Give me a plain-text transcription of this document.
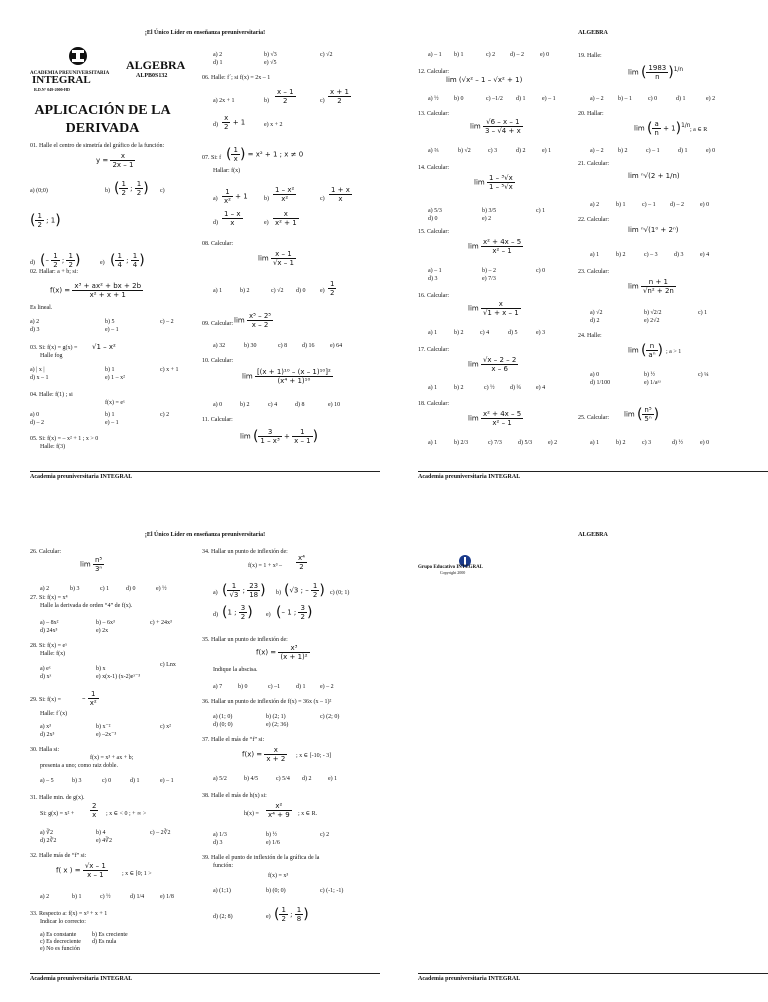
¡El Único Líder en enseñanza preuniversitaria!
ACADEMIA PREUNIVERSITARIA
INTEGRAL
R.D.N° 049-2000-HD
ALGEBRA
ALPB0S132
APLICACIÓN DE LA DERIVADA
a) 2	b) √3	c) √2
d) 1	e) √5
06. Halle: f´; si f(x) = 2x – 1
a) 2x + 1	$b) \frac{x - 1}{2}$	$c) \frac{x + 1}{2}$
$d) \frac{x}{2} + 1$	e) x + 2
07. Si: f ( $\frac{1}{x}$ ) = x² + 1 ; x ≠ 0
Hallar: f(x)
$a) \frac{1}{\text{x²}} + 1$	$b) \frac{\text{1 – x²}}{\text{x²}}$	$c) \frac{1 + x}{x}$
$d) \frac{1 - x}{x}$	$e) \frac{x}{\text{x² + 1}}$
08. Calcular:
$\lim \frac{x - 1}{√x - 1}$
a) 1	b) 2	c) √2 d) 0 $e) \frac{1}{2}$
09. Calcular: $\lim \frac{\text{x⁵ – 2⁵}}{x - 2}$
a) 32	b) 30	c) 8 d) 16	e) 64
10. Calcular:
$\lim \frac{\text{[(x + 1)¹⁰ – (x – 1)¹⁰]²}}{\text{(x⁴ + 1)¹⁰}}$
a) 0	b) 2	c) 4	d) 8	e) 10
11. Calcular:
lim ( $\frac{3}{\text{1 – x³}} + \frac{1}{x - 1}$ )
01. Halle el centro de simetría del gráfico de la función:
$y = \frac{x}{2x - 1}$
a) (0;0)	b) ( $\frac{1}{2}$ ; $\frac{1}{2}$ ) c)
( $\frac{1}{2}$ ; 1)
d) (– $\frac{1}{2}$ ; $\frac{1}{2}$ )	e) ( $\frac{1}{4}$ ; $\frac{1}{4}$ )
02. Hallar: a + b; si:
$f(x) = \frac{\text{x³ + ax² + bx + 2b}}{\text{x² + x + 1}}$
Es lineal.
a) 2	b) 5	c) – 2
d) 3	e) – 1
03. Si: f(x) = g(x) = √1 – x²
Halle fog
a) | x |	b) 1	c) x + 1
d) x – 1	e) 1 – x²
04. Halle: f(1) ; si
f(x) = eˣ
a) 0	b) 1	c) 2
d) – 2	e) – 1
05. Si: f(x) = – x² + 1 ; x > 0
Halle: f(3)
Academia preuniversitaria INTEGRAL
ALGEBRA
a) – 1 b) 1	c) 2 d) – 2	e) 0
12. Calcular:
lim (√x² – 1 – √x² + 1)
a) ½	b) 0	c) –1/2 d) 1	e) – 1
13. Calcular:
$\lim \frac{√6 - x - 1}{3 - √4 + x}$
a) ⅔	b) √2	c) 3	d) 2	e) 1
14. Calcular:
$\lim \frac{\text{1 – ³√x}}{\text{1 – ⁵√x}}$
a) 5/3	b) 3/5	c) 1
d) 0	e) 2
15. Calcular:
$\lim \frac{\text{x² + 4x – 5}}{\text{x² – 1}}$
a) – 1	b) – 2	c) 0
d) 3	e) 7/3
16. Calcular:
$\lim \frac{x}{√1 + x - 1}$
a) 1	b) 2	c) 4	d) 5	e) 3
17. Calcular:
$\lim \frac{√x - 2 - 2}{x - 6}$
a) 1	b) 2	c) ½	d) ¾	e) 4
18. Calcular:
$\lim \frac{\text{x² + 4x – 5}}{\text{x² – 1}}$
a) 1	b) 2/3	c) 7/3	d) 5/3	e) 2
19. Halle:
lim ( $\frac{1983}{n} )^{1/n}$
a) – 2 b) – 1	c) 0	d) 1	e) 2
20. Hallar:
lim ( $\frac{a}{n} + 1)^{1/n}$
; a ∈ R
a) – 2 b) 2	c) – 1	d) 1	e) 0
21. Calcular:
lim ⁿ√(2 + 1/n)
a) 2	b) 1	c) – 1 d) – 2	e) 0
22. Calcular:
lim ⁿ√(1⁰ + 2ⁿ)
a) 1	b) 2	c) – 3	d) 3	e) 4
23. Calcular:
$\lim \frac{n + 1}{\text{√n² + 2n}}$
a) √2	b) √2/2	c) 1
d) 2	e) 2√2
24. Halle:
lim ( $\frac{n}{\text{aⁿ}}$ ) ; a > 1
a) 0	b) ½	c) ¼
d) 1/100	e) 1/aᵃᵃ
25. Calcular: lim ( $\frac{\text{n⁵}}{\text{5ⁿ}}$ )
a) 1	b) 2	c) 3	d) ½	e) 0
Academia preuniversitaria INTEGRAL
¡El Único Líder en enseñanza preuniversitaria!
26. Calcular:
$\lim \frac{\text{n⁵}}{\text{3ⁿ}}$
a) 2	b) 3	c) 1	d) 0	e) ½
27. Si: f(x) = x⁴
Halle la derivada de orden “4” de f(x).
a) – 8x²	b) – 6x³	c) + 24x³
d) 24x³	e) 2x
28. Si: f(x) = eˣ
Halle: f(x)
a) eˣ	b) x
c) Lnx
d) xˣ	e) x(x-1) (x-2)eˣ⁻³
29. Si: f(x) =	– $\frac{1}{\text{x²}}$
Halle: f´(x)
a) x³	b) x⁻²	c) x²
d) 2x³	e) –2x⁻³
30. Halla si:
f(x) = x³ + ax + b;
presenta a uno; como raiz doble.
a) – 5	b) 3	c) 0	d) 1	e) – 1
31. Halle min. de g(x).
Si: $g(x) = x^2 + \frac{2}{x}$ ; x ∈ < 0 ; + ∞ >
a) ∛2	b) 4	c) – 2∛2
d) 2∛2	e) 4∛2
32. Halle más de “f” si:
f( x ) = $\frac{√x - 1}{x - 1}$ ; x ∈ [0; 1 >
a) 2	b) 1	c) ½	d) 1/4	e) 1/8
33. Respecto a: f(x) = x³ + x + 1
Indicar lo correcto:
a) Es constante	b) Es creciente
c) Es decreciente d) Es nula
e) No es función
34. Hallar un punto de inflexión de:
$f(x) = 1 + x^3 - \frac{\text{x⁴}}{2}$
a) ( $\frac{1}{√3}$ ; $\frac{23}{18}$ ) b) (√3 ; – $\frac{1}{2}$ ) c) (0; 1)
d) (1 ; $\frac{3}{2}$ ) e) (– 1 ; $\frac{3}{2}$ )
35. Hallar un punto de inflexión de:
$f(x) = \frac{\text{x³}}{\text{(x + 1)²}}$
Indique la abscisa.
a) 7	b) 0	c) –1	d) 1 e) – 2
36. Hallar un punto de inflexión de f(x) = 36x (x – 1)²
a) (1; 0)	b) (2; 1)	c) (2; 0)
d) (0; 0)	e) (2; 36)
37. Halle el más de “f” si:
$f(x) = \frac{x}{x + 2}$ ; x ∈ [-10; - 3]
a) 5/2	b) 4/5	c) 5/4 d) 2	e) 1
38. Halle el más de h(x) si:
$h(x) = \frac{\text{x²}}{\text{x⁴ + 9}}$ ; x ∈ R.
a) 1/3	b) ½	c) 2
d) 3	e) 1/6
39. Halle el punto de inflexión de la gráfica de la
función:
f(x) = x³
a) (1;1)	b) (0; 0)	c) (-1; -1)
d) (2; 8)	e) ( $\frac{1}{2}$ ; $\frac{1}{8}$ )
Academia preuniversitaria INTEGRAL
ALGEBRA
Grupo Educativo INTEGRAL
Copyright 2000
Academia preuniversitaria INTEGRAL
